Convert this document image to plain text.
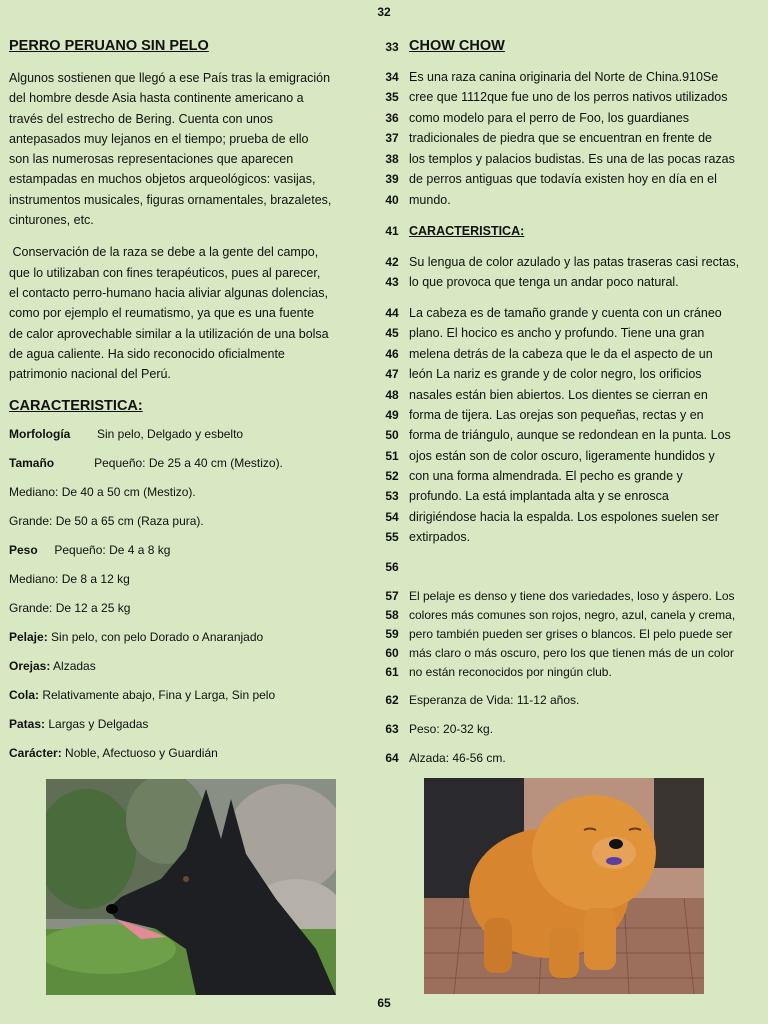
32
PERRO PERUANO SIN PELO
Algunos sostienen que llegó a ese País tras la emigración
del hombre desde Asia hasta continente americano a
través del estrecho de Bering. Cuenta con unos
antepasados muy lejanos en el tiempo; prueba de ello
son las numerosas representaciones que aparecen
estampadas en muchos objetos arqueológicos: vasijas,
instrumentos musicales, figuras ornamentales, brazaletes,
cinturones, etc.
Conservación de la raza se debe a la gente del campo,
que lo utilizaban con fines terapéuticos, pues al parecer,
el contacto perro-humano hacia aliviar algunas dolencias,
como por ejemplo el reumatismo, ya que es una fuente
de calor aprovechable similar a la utilización de una bolsa
de agua caliente. Ha sido reconocido oficialmente
patrimonio nacional del Perú.
CARACTERISTICA:
Morfología        Sin pelo, Delgado y esbelto
Tamaño            Pequeño: De 25 a 40 cm (Mestizo).
Mediano: De 40 a 50 cm (Mestizo).
Grande: De 50 a 65 cm (Raza pura).
Peso     Pequeño: De 4 a 8 kg
Mediano: De 8 a 12 kg
Grande: De 12 a 25 kg
Pelaje: Sin pelo, con pelo Dorado o Anaranjado
Orejas: Alzadas
Cola: Relativamente abajo, Fina y Larga, Sin pelo
Patas: Largas y Delgadas
Carácter: Noble, Afectuoso y Guardián
33 CHOW CHOW
34 Es una raza canina originaria del Norte de China.910Se
35 cree que 1112que fue uno de los perros nativos utilizados
36 como modelo para el perro de Foo, los guardianes
37 tradicionales de piedra que se encuentran en frente de
38 los templos y palacios budistas. Es una de las pocas razas
39 de perros antiguas que todavía existen hoy en día en el
40 mundo.
41 CARACTERISTICA:
42 Su lengua de color azulado y las patas traseras casi rectas,
43 lo que provoca que tenga un andar poco natural.
44 La cabeza es de tamaño grande y cuenta con un cráneo
45 plano. El hocico es ancho y profundo. Tiene una gran
46 melena detrás de la cabeza que le da el aspecto de un
47 león La nariz es grande y de color negro, los orificios
48 nasales están bien abiertos. Los dientes se cierran en
49 forma de tijera. Las orejas son pequeñas, rectas y en
50 forma de triángulo, aunque se redondean en la punta. Los
51 ojos están son de color oscuro, ligeramente hundidos y
52 con una forma almendrada. El pecho es grande y
53 profundo. La está implantada alta y se enrosca
54 dirigiéndose hacia la espalda. Los espolones suelen ser
55 extirpados.
56
57 El pelaje es denso y tiene dos variedades, loso y áspero. Los
58 colores más comunes son rojos, negro, azul, canela y crema,
59 pero también pueden ser grises o blancos. El pelo puede ser
60 más claro o más oscuro, pero los que tienen más de un color
61 no están reconocidos por ningún club.
62 Esperanza de Vida: 11-12 años.
63 Peso: 20-32 kg.
64 Alzada: 46-56 cm.
65
